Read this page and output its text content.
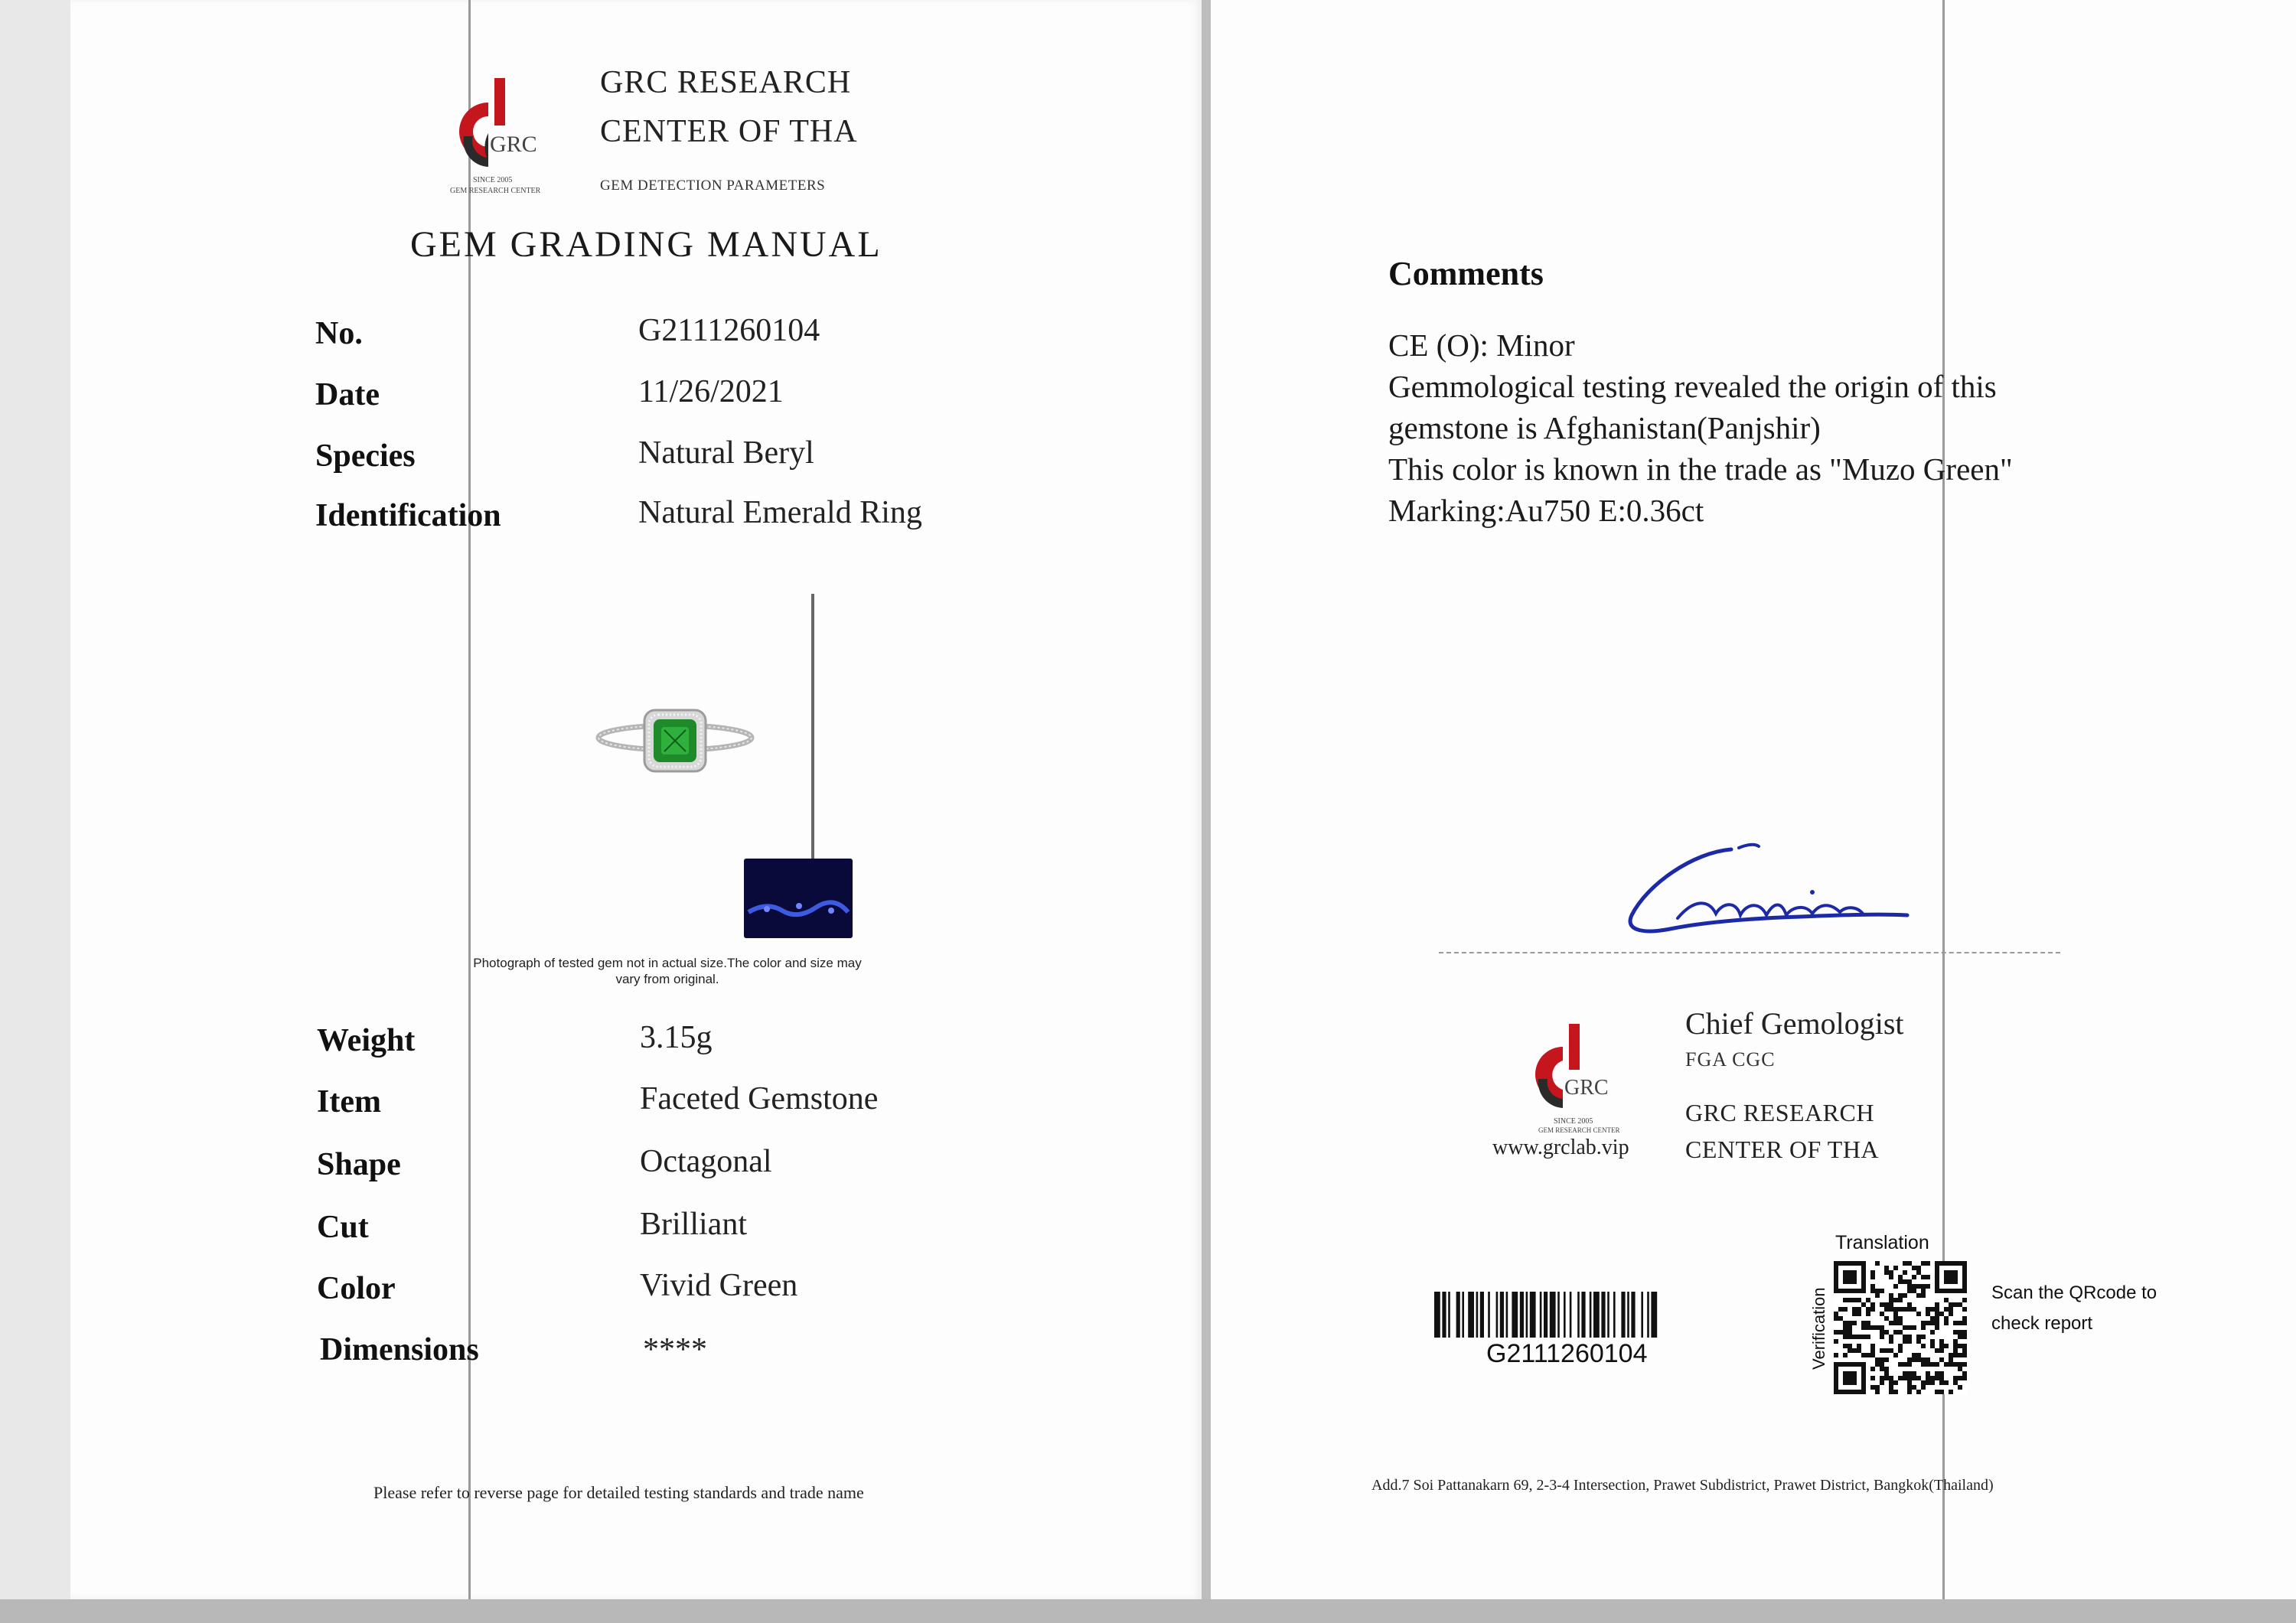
GRC
SINCE 2005
GEM RESEARCH CENTER
GRC RESEARCH
CENTER OF THA
GEM DETECTION PARAMETERS
GEM GRADING MANUAL
No.	G2111260104
Date	11/26/2021
Species	Natural Beryl
Identification	Natural Emerald Ring
Photograph of tested gem not in actual size.The color and size may vary from original.
Weight	3.15g
Item	Faceted Gemstone
Shape	Octagonal
Cut	Brilliant
Color	Vivid Green
Dimensions	****
Please refer to reverse page for detailed testing standards and trade name
Comments
CE (O): Minor
Gemmological testing revealed the origin of this
gemstone is Afghanistan(Panjshir)
This color is known in the trade as "Muzo Green"
Marking:Au750 E:0.36ct
GRC
SINCE 2005
GEM RESEARCH CENTER
www.grclab.vip
Chief Gemologist
FGA CGC
GRC RESEARCH
CENTER OF THA
G2111260104
Translation
Verification	Scan the QRcode to check report
Add.7 Soi Pattanakarn 69, 2-3-4 Intersection, Prawet Subdistrict, Prawet District, Bangkok(Thailand)
